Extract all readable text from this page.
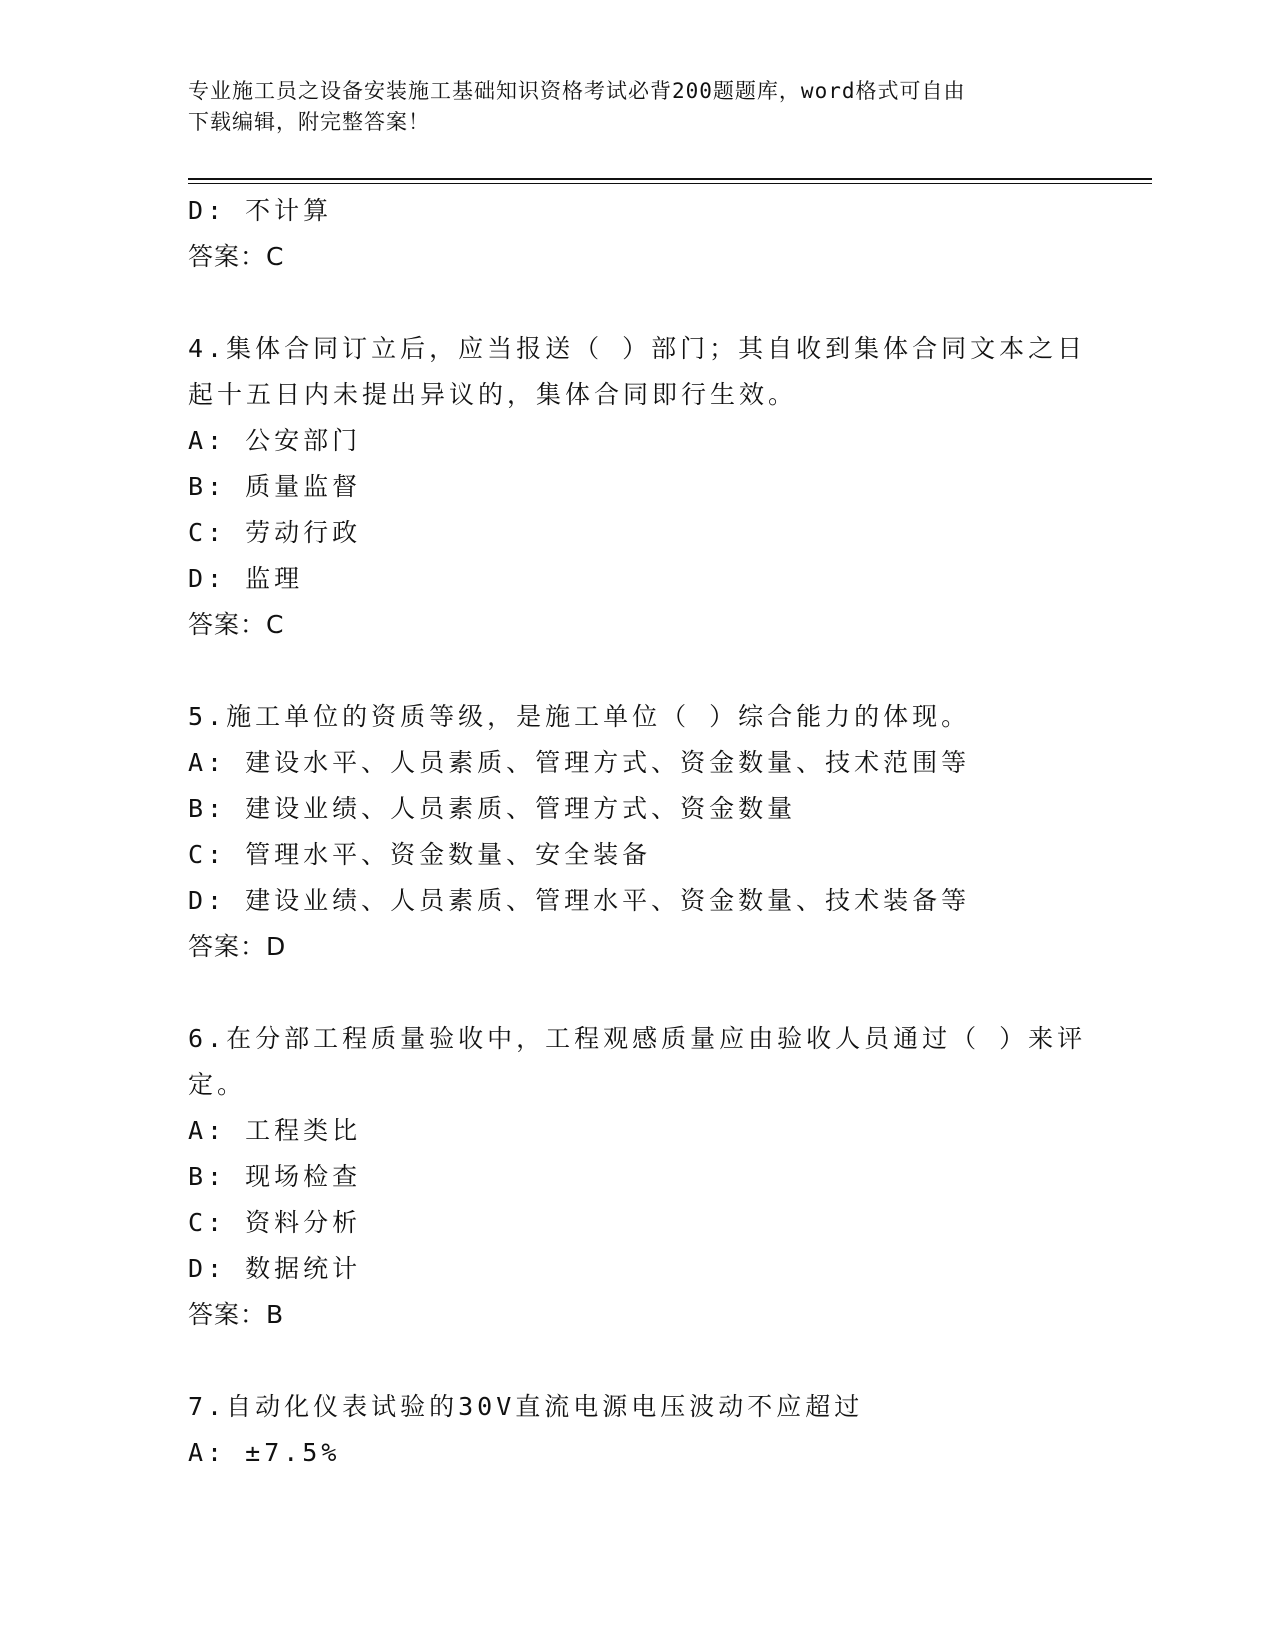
专业施工员之设备安装施工基础知识资格考试必背200题题库，word格式可自由
下载编辑，附完整答案！
D: 不计算
答案：C
4.集体合同订立后，应当报送（ ）部门；其自收到集体合同文本之日
起十五日内未提出异议的，集体合同即行生效。
A: 公安部门
B: 质量监督
C: 劳动行政
D: 监理
答案：C
5.施工单位的资质等级，是施工单位（ ）综合能力的体现。
A: 建设水平、人员素质、管理方式、资金数量、技术范围等
B: 建设业绩、人员素质、管理方式、资金数量
C: 管理水平、资金数量、安全装备
D: 建设业绩、人员素质、管理水平、资金数量、技术装备等
答案：D
6.在分部工程质量验收中，工程观感质量应由验收人员通过（ ）来评
定。
A: 工程类比
B: 现场检查
C: 资料分析
D: 数据统计
答案：B
7.自动化仪表试验的30V直流电源电压波动不应超过
A: ±7.5%
